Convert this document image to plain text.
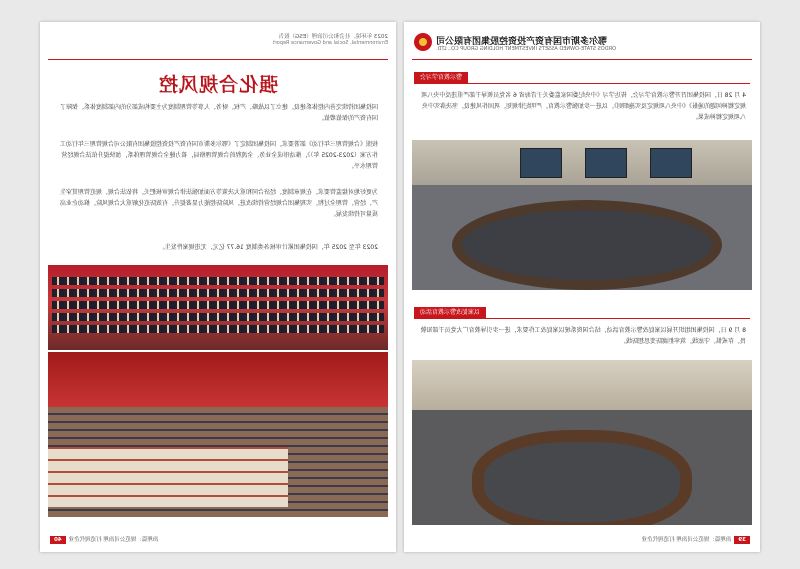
2023 年环境、社会和公司治理（ESG）报告
Environmental, Social and Governance Report
强化合规风控
国投集团持续完善内控体系建设，建立了以战略、产权、财务、人事等管理制度为主要构成部分的内部制度体系，保障了国有资产的保值增值。
按照《合规管理三年行动》部署要求，国投集团制定了《鄂尔多斯市国有资产投资控股集团有限公司合规管理三年行动工作方案（2023-2025 年）》，推动形成全业务、全流程的合规管理格局，着力健全合规管理体系，加快提升依法合规经营管理水平。
为更好地对接监管要求，在规章制度、经济合同和重大决策等方面加强法律合规审核把关，将依法合规、规范管理贯穿生产、经营、管理全过程，实现集团合规经营持续改进，风险防控能力显著提升，有效防范化解重大合规风险，推动企业高质量可持续发展。
2023 年至 2025 年，国投集团累计审核各类制度 16.77 亿元，无违规案件发生。
治理篇：规范公司治理 打造现代企业40
鄂尔多斯市国有资产投资控股集团有限公司
ORDOS STATE-OWNED ASSETS INVESTMENT HOLDING GROUP CO., LTD.
警示教育学习会
4 月 28 日，国投集团召开警示教育学习会，传达学习《中央纪委国家监委关于青海省 6 名党员领导干部严重违反中央八项规定精神问题的通报》《中央八项规定及实施细则》，以进一步加强警示教育，严明纪律规矩，巩固作风建设，坚决落实中央八项规定精神成果。
以案促改警示教育活动
8 月 9 日，国投集团组织开展以案促改警示教育活动，结合国资系统以案促改工作要求，进一步引导教育广大党员干部知敬畏、存戒惧、守底线，筑牢拒腐防变思想防线。
39治理篇：规范公司治理 打造现代企业
